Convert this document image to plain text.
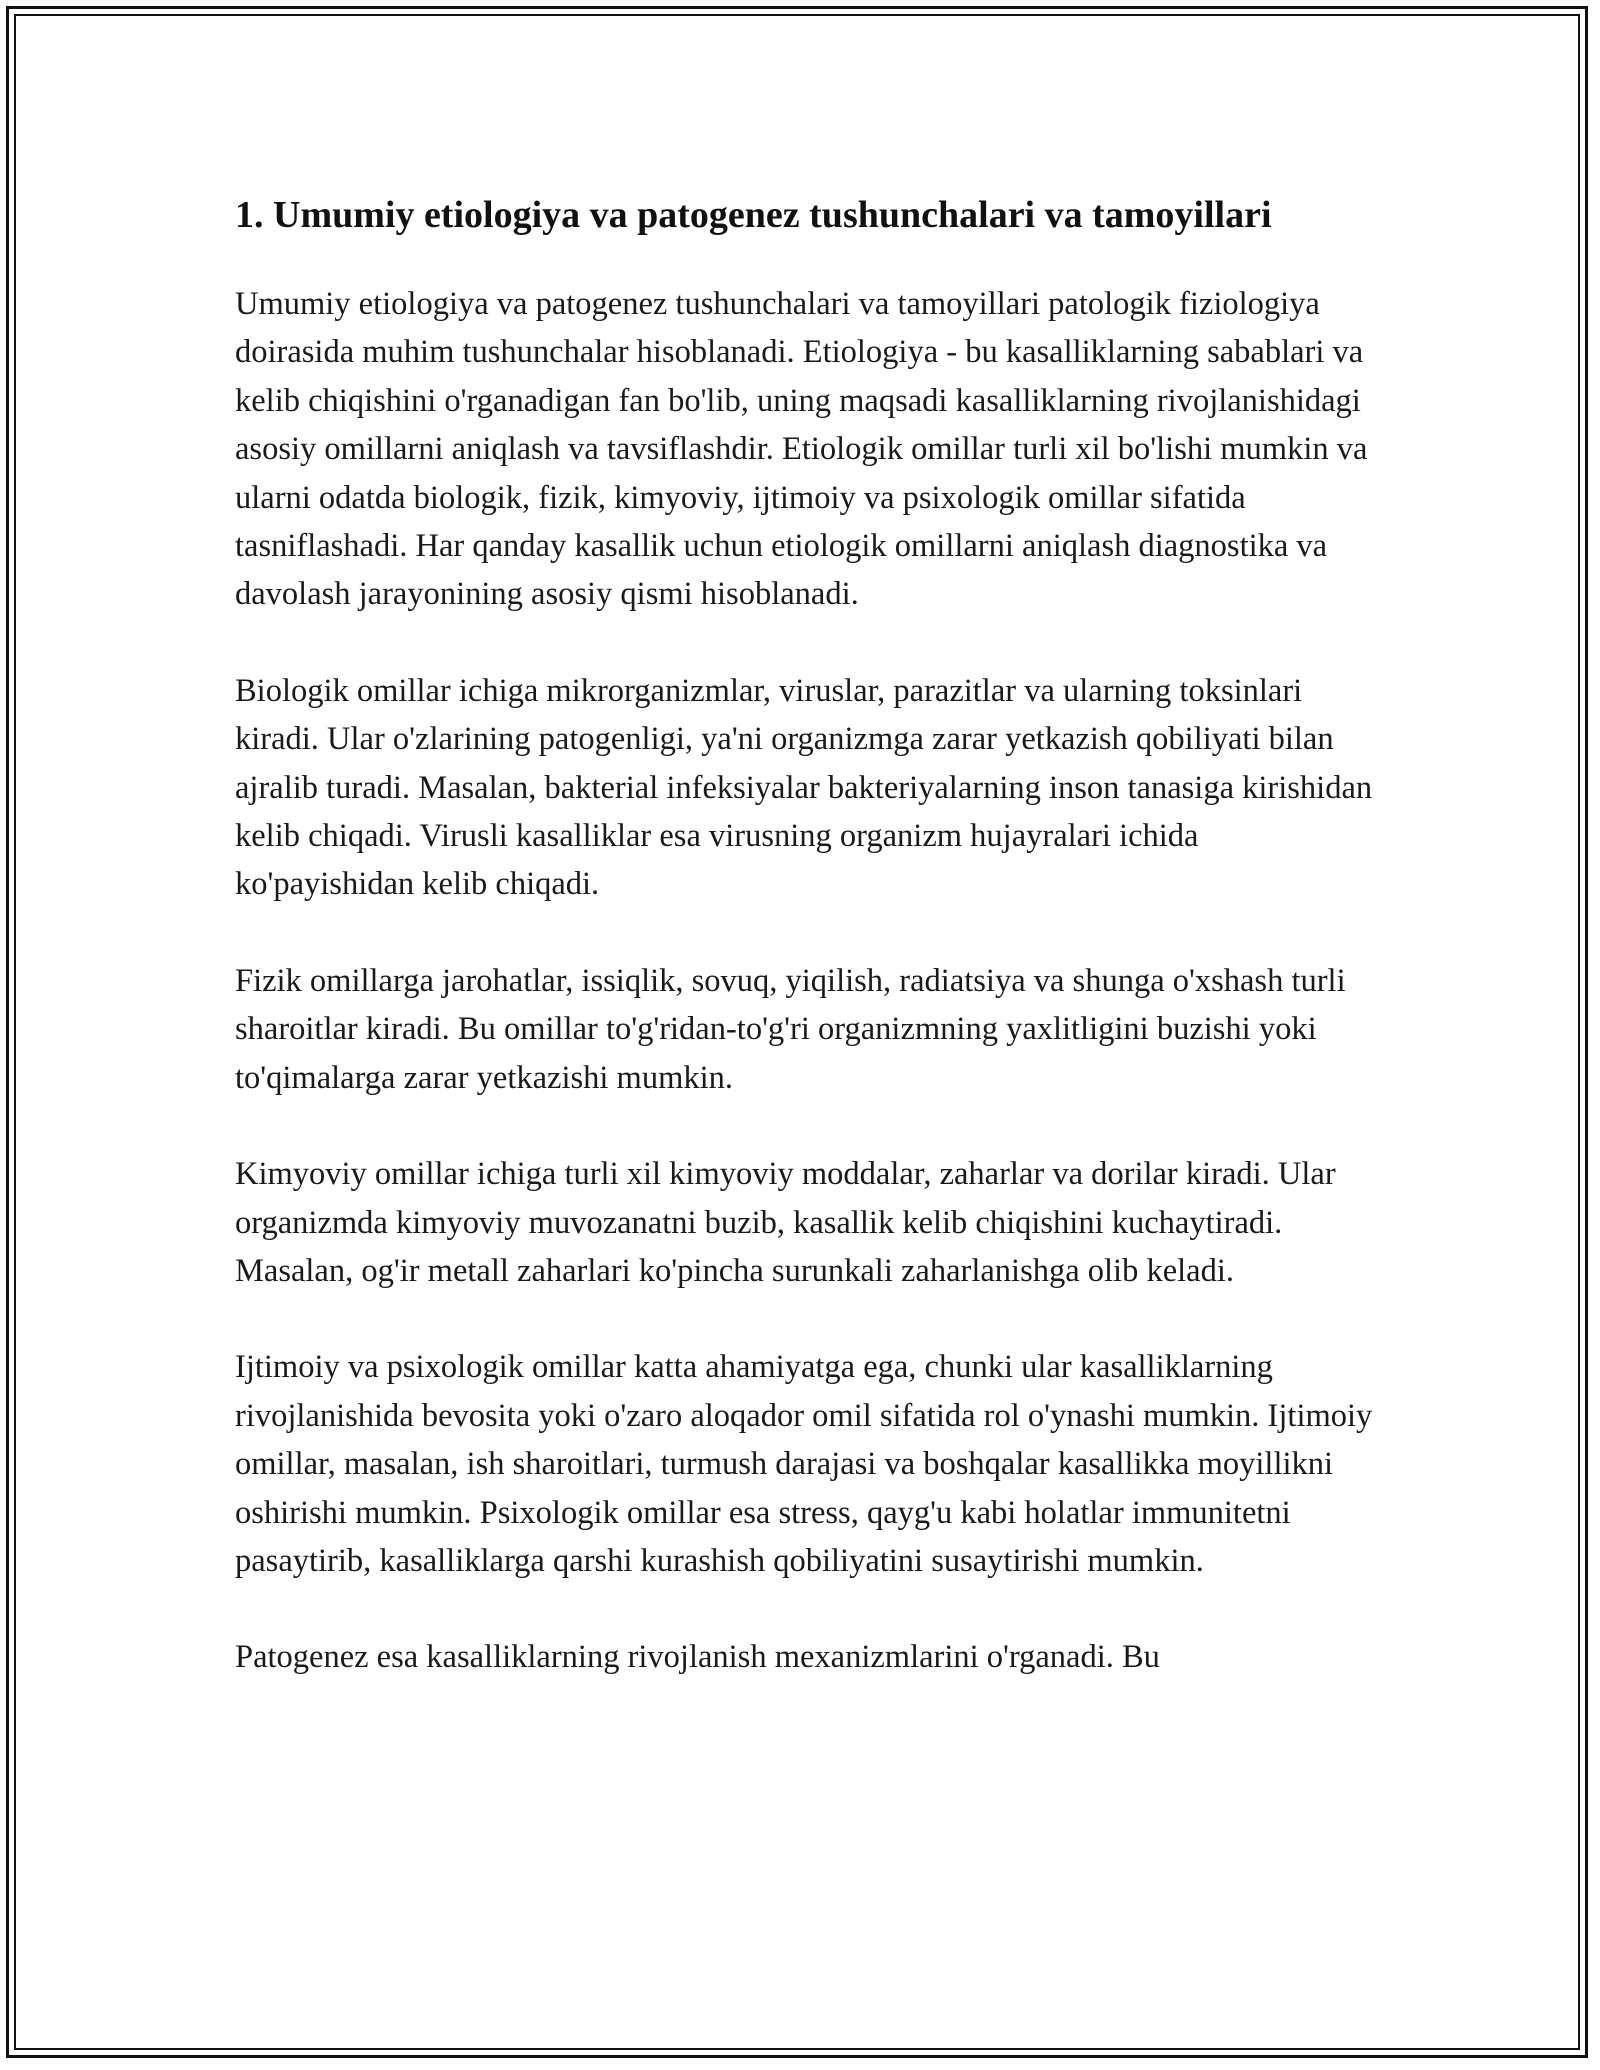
1. Umumiy etiologiya va patogenez tushunchalari va tamoyillari

Umumiy etiologiya va patogenez tushunchalari va tamoyillari patologik fiziologiya doirasida muhim tushunchalar hisoblanadi. Etiologiya - bu kasalliklarning sabablari va kelib chiqishini o'rganadigan fan bo'lib, uning maqsadi kasalliklarning rivojlanishidagi asosiy omillarni aniqlash va tavsiflashdir. Etiologik omillar turli xil bo'lishi mumkin va ularni odatda biologik, fizik, kimyoviy, ijtimoiy va psixologik omillar sifatida tasniflashadi. Har qanday kasallik uchun etiologik omillarni aniqlash diagnostika va davolash jarayonining asosiy qismi hisoblanadi.

Biologik omillar ichiga mikrorganizmlar, viruslar, parazitlar va ularning toksinlari kiradi. Ular o'zlarining patogenligi, ya'ni organizmga zarar yetkazish qobiliyati bilan ajralib turadi. Masalan, bakterial infeksiyalar bakteriyalarning inson tanasiga kirishidan kelib chiqadi. Virusli kasalliklar esa virusning organizm hujayralari ichida ko'payishidan kelib chiqadi.

Fizik omillarga jarohatlar, issiqlik, sovuq, yiqilish, radiatsiya va shunga o'xshash turli sharoitlar kiradi. Bu omillar to'g'ridan-to'g'ri organizmning yaxlitligini buzishi yoki to'qimalarga zarar yetkazishi mumkin.

Kimyoviy omillar ichiga turli xil kimyoviy moddalar, zaharlar va dorilar kiradi. Ular organizmda kimyoviy muvozanatni buzib, kasallik kelib chiqishini kuchaytiradi. Masalan, og'ir metall zaharlari ko'pincha surunkali zaharlanishga olib keladi.

Ijtimoiy va psixologik omillar katta ahamiyatga ega, chunki ular kasalliklarning rivojlanishida bevosita yoki o'zaro aloqador omil sifatida rol o'ynashi mumkin. Ijtimoiy omillar, masalan, ish sharoitlari, turmush darajasi va boshqalar kasallikka moyillikni oshirishi mumkin. Psixologik omillar esa stress, qayg'u kabi holatlar immunitetni pasaytirib, kasalliklarga qarshi kurashish qobiliyatini susaytirishi mumkin.

Patogenez esa kasalliklarning rivojlanish mexanizmlarini o'rganadi. Bu
